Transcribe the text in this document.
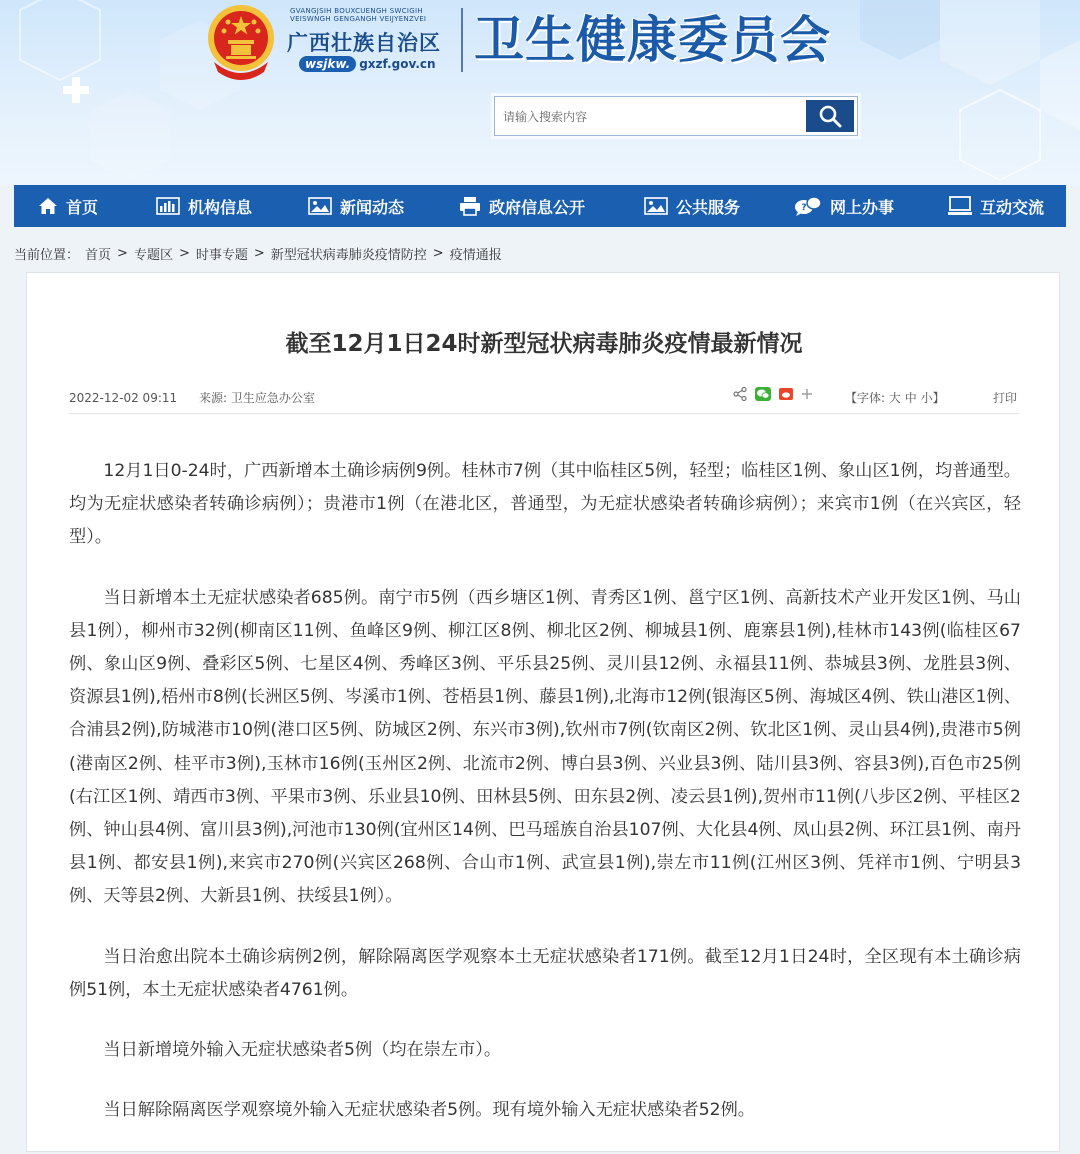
GVANGJSIH BOUXCUENGH SWCIGIH
VEISWNGH GENGANGH VEIJYENZVEI
广西壮族自治区
wsjkw. gxzf.gov.cn 卫生健康委员会
请输入搜索内容
首页	机构信息	新闻动态	政府信息公开	公共服务	? 网上办事	互动交流
当前位置： 首页 > 专题区 > 时事专题 > 新型冠状病毒肺炎疫情防控 > 疫情通报
截至12月1日24时新型冠状病毒肺炎疫情最新情况
2022-12-02 09:11 来源: 卫生应急办公室	【字体: 大 中 小】	打印

12月1日0-24时，广西新增本土确诊病例9例。桂林市7例（其中临桂区5例，轻型；临桂区1例、象山区1例，均普通型。均为无症状感染者转确诊病例）；贵港市1例（在港北区，普通型，为无症状感染者转确诊病例）；来宾市1例（在兴宾区，轻型）。

当日新增本土无症状感染者685例。南宁市5例（西乡塘区1例、青秀区1例、邕宁区1例、高新技术产业开发区1例、马山县1例），柳州市32例(柳南区11例、鱼峰区9例、柳江区8例、柳北区2例、柳城县1例、鹿寨县1例),桂林市143例(临桂区67例、象山区9例、叠彩区5例、七星区4例、秀峰区3例、平乐县25例、灵川县12例、永福县11例、恭城县3例、龙胜县3例、资源县1例),梧州市8例(长洲区5例、岑溪市1例、苍梧县1例、藤县1例),北海市12例(银海区5例、海城区4例、铁山港区1例、合浦县2例),防城港市10例(港口区5例、防城区2例、东兴市3例),钦州市7例(钦南区2例、钦北区1例、灵山县4例),贵港市5例(港南区2例、桂平市3例),玉林市16例(玉州区2例、北流市2例、博白县3例、兴业县3例、陆川县3例、容县3例),百色市25例(右江区1例、靖西市3例、平果市3例、乐业县10例、田林县5例、田东县2例、凌云县1例),贺州市11例(八步区2例、平桂区2例、钟山县4例、富川县3例),河池市130例(宜州区14例、巴马瑶族自治县107例、大化县4例、凤山县2例、环江县1例、南丹县1例、都安县1例),来宾市270例(兴宾区268例、合山市1例、武宣县1例),崇左市11例(江州区3例、凭祥市1例、宁明县3例、天等县2例、大新县1例、扶绥县1例）。

当日治愈出院本土确诊病例2例，解除隔离医学观察本土无症状感染者171例。截至12月1日24时，全区现有本土确诊病例51例，本土无症状感染者4761例。

当日新增境外输入无症状感染者5例（均在崇左市）。

当日解除隔离医学观察境外输入无症状感染者5例。现有境外输入无症状感染者52例。
